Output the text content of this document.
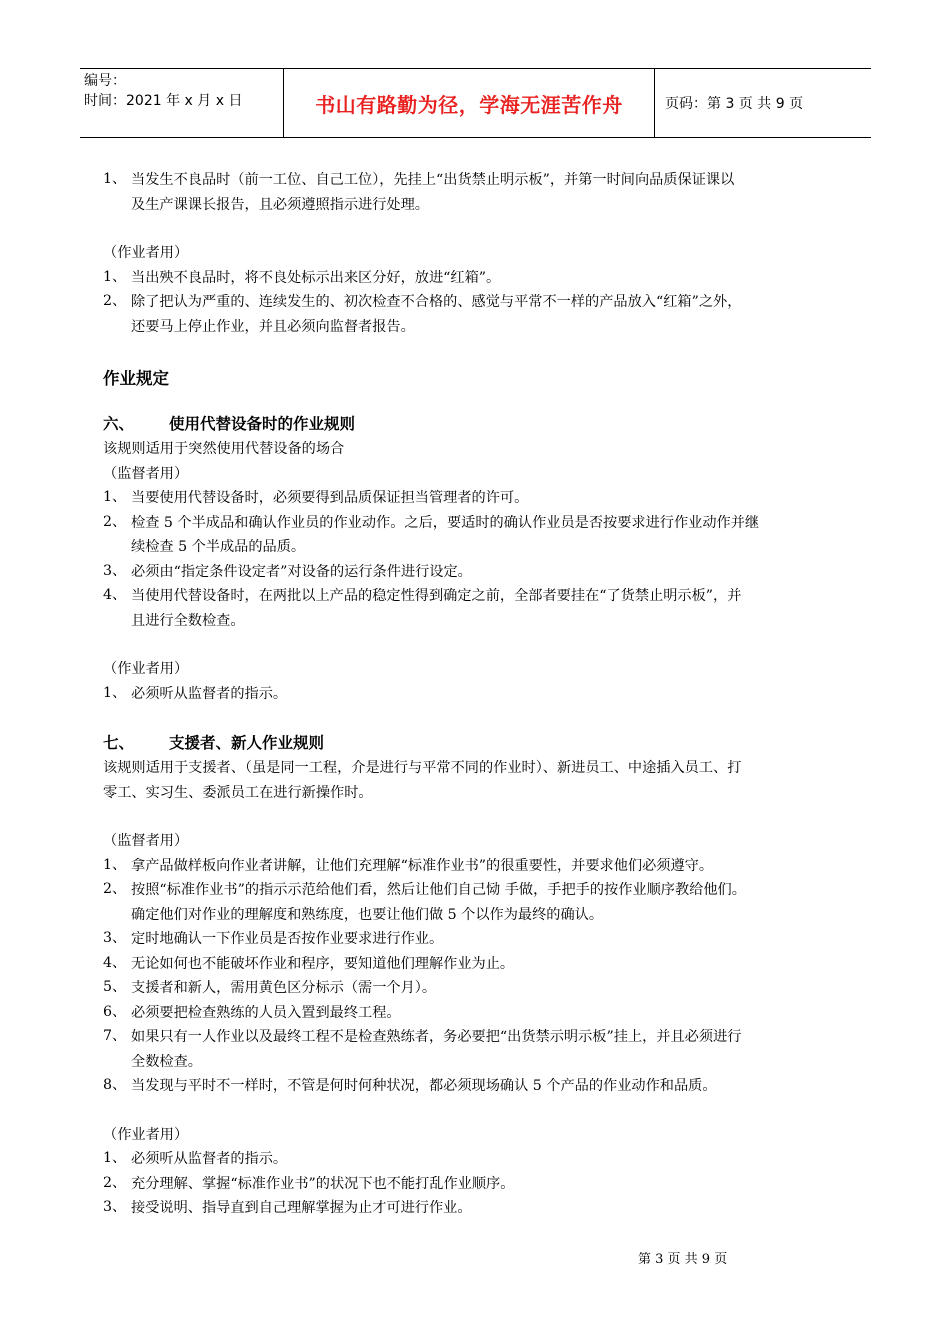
编号：
时间：2021 年 x 月 x 日	书山有路勤为径，学海无涯苦作舟	页码：第 3 页 共 9 页
1、 当发生不良品时（前一工位、自己工位），先挂上“出货禁止明示板”，并第一时间向品质保证课以
及生产课课长报告，且必须遵照指示进行处理。
（作业者用）
1、 当出殃不良品时，将不良处标示出来区分好，放进“红箱”。
2、 除了把认为严重的、连续发生的、初次检查不合格的、感觉与平常不一样的产品放入“红箱”之外，
还要马上停止作业，并且必须向监督者报告。
作业规定
六、	使用代替设备时的作业规则
该规则适用于突然使用代替设备的场合
（监督者用）
1、 当要使用代替设备时，必须要得到品质保证担当管理者的许可。
2、 检查 5 个半成品和确认作业员的作业动作。之后，要适时的确认作业员是否按要求进行作业动作并继
续检查 5 个半成品的品质。
3、 必须由“指定条件设定者”对设备的运行条件进行设定。
4、 当使用代替设备时，在两批以上产品的稳定性得到确定之前，全部者要挂在“了货禁止明示板”，并
且进行全数检查。
（作业者用）
1、 必须听从监督者的指示。
七、	支援者、新人作业规则
该规则适用于支援者、（虽是同一工程，介是进行与平常不同的作业时）、新进员工、中途插入员工、打
零工、实习生、委派员工在进行新操作时。
（监督者用）
1、 拿产品做样板向作业者讲解，让他们充理解“标准作业书”的很重要性，并要求他们必须遵守。
2、 按照“标准作业书”的指示示范给他们看，然后让他们自己恸 手做，手把手的按作业顺序教给他们。
确定他们对作业的理解度和熟练度，也要让他们做 5 个以作为最终的确认。
3、 定时地确认一下作业员是否按作业要求进行作业。
4、 无论如何也不能破坏作业和程序，要知道他们理解作业为止。
5、 支援者和新人，需用黄色区分标示（需一个月）。
6、 必须要把检查熟练的人员入置到最终工程。
7、 如果只有一人作业以及最终工程不是检查熟练者，务必要把“出货禁示明示板”挂上，并且必须进行
全数检查。
8、 当发现与平时不一样时，不管是何时何种状况，都必须现场确认 5 个产品的作业动作和品质。
（作业者用）
1、 必须听从监督者的指示。
2、 充分理解、掌握“标准作业书”的状况下也不能打乱作业顺序。
3、 接受说明、指导直到自己理解掌握为止才可进行作业。
第 3 页 共 9 页
